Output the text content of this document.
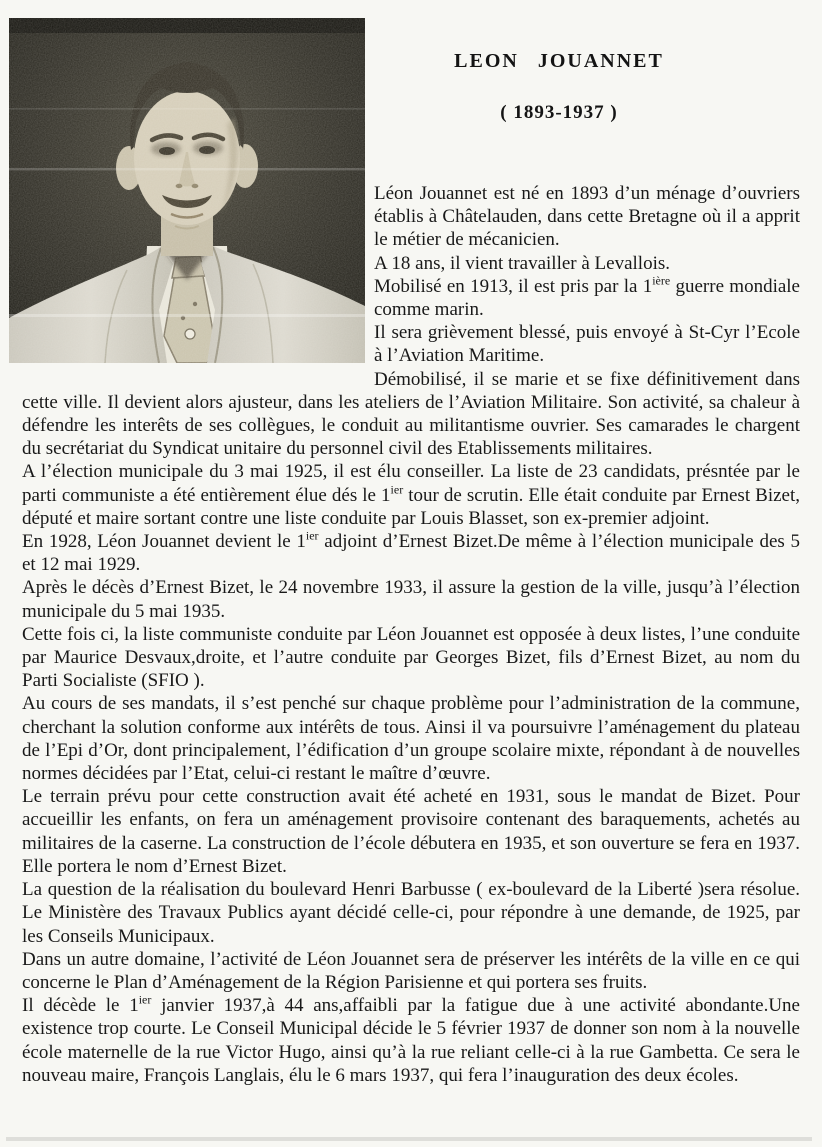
LEON JOUANNET
( 1893-1937 )

Léon Jouannet est né en 1893 d’un ménage d’ouvriers établis à Châtelauden, dans cette Bretagne où il a apprit le métier de mécanicien.

A 18 ans, il vient travailler à Levallois.

Mobilisé en 1913, il est pris par la $1^{ière}$ guerre mondiale comme marin.

Il sera grièvement blessé, puis envoyé à St-Cyr l’Ecole à l’Aviation Maritime.

Démobilisé, il se marie et se fixe définitivement dans cette ville. Il devient alors ajusteur, dans les ateliers de l’Aviation Militaire. Son activité, sa chaleur à défendre les interêts de ses collègues, le conduit au militantisme ouvrier. Ses camarades le chargent du secrétariat du Syndicat unitaire du personnel civil des Etablissements militaires.

A l’élection municipale du 3 mai 1925, il est élu conseiller. La liste de 23 candidats, présntée par le parti communiste a été entièrement élue dés le $1^{ier}$ tour de scrutin. Elle était conduite par Ernest Bizet, député et maire sortant contre une liste conduite par Louis Blasset, son ex-premier adjoint.

En 1928, Léon Jouannet devient le $1^{ier}$ adjoint d’Ernest Bizet.De même à l’élection municipale des 5 et 12 mai 1929.

Après le décès d’Ernest Bizet, le 24 novembre 1933, il assure la gestion de la ville, jusqu’à l’élection municipale du 5 mai 1935.

Cette fois ci, la liste communiste conduite par Léon Jouannet est opposée à deux listes, l’une conduite par Maurice Desvaux,droite, et l’autre conduite par Georges Bizet, fils d’Ernest Bizet, au nom du Parti Socialiste (SFIO ).

Au cours de ses mandats, il s’est penché sur chaque problème pour l’administration de la commune, cherchant la solution conforme aux intérêts de tous. Ainsi il va poursuivre l’aménagement du plateau de l’Epi d’Or, dont principalement, l’édification d’un groupe scolaire mixte, répondant à de nouvelles normes décidées par l’Etat, celui-ci restant le maître d’œuvre.

Le terrain prévu pour cette construction avait été acheté en 1931, sous le mandat de Bizet. Pour accueillir les enfants, on fera un aménagement provisoire contenant des baraquements, achetés au militaires de la caserne. La construction de l’école débutera en 1935, et son ouverture se fera en 1937. Elle portera le nom d’Ernest Bizet.

La question de la réalisation du boulevard Henri Barbusse ( ex-boulevard de la Liberté )sera résolue. Le Ministère des Travaux Publics ayant décidé celle-ci, pour répondre à une demande, de 1925, par les Conseils Municipaux.

Dans un autre domaine, l’activité de Léon Jouannet sera de préserver les intérêts de la ville en ce qui concerne le Plan d’Aménagement de la Région Parisienne et qui portera ses fruits.

Il décède le $1^{ier}$ janvier 1937,à 44 ans,affaibli par la fatigue due à une activité abondante.Une existence trop courte. Le Conseil Municipal décide le 5 février 1937 de donner son nom à la nouvelle école maternelle de la rue Victor Hugo, ainsi qu’à la rue reliant celle-ci à la rue Gambetta. Ce sera le nouveau maire, François Langlais, élu le 6 mars 1937, qui fera l’inauguration des deux écoles.
